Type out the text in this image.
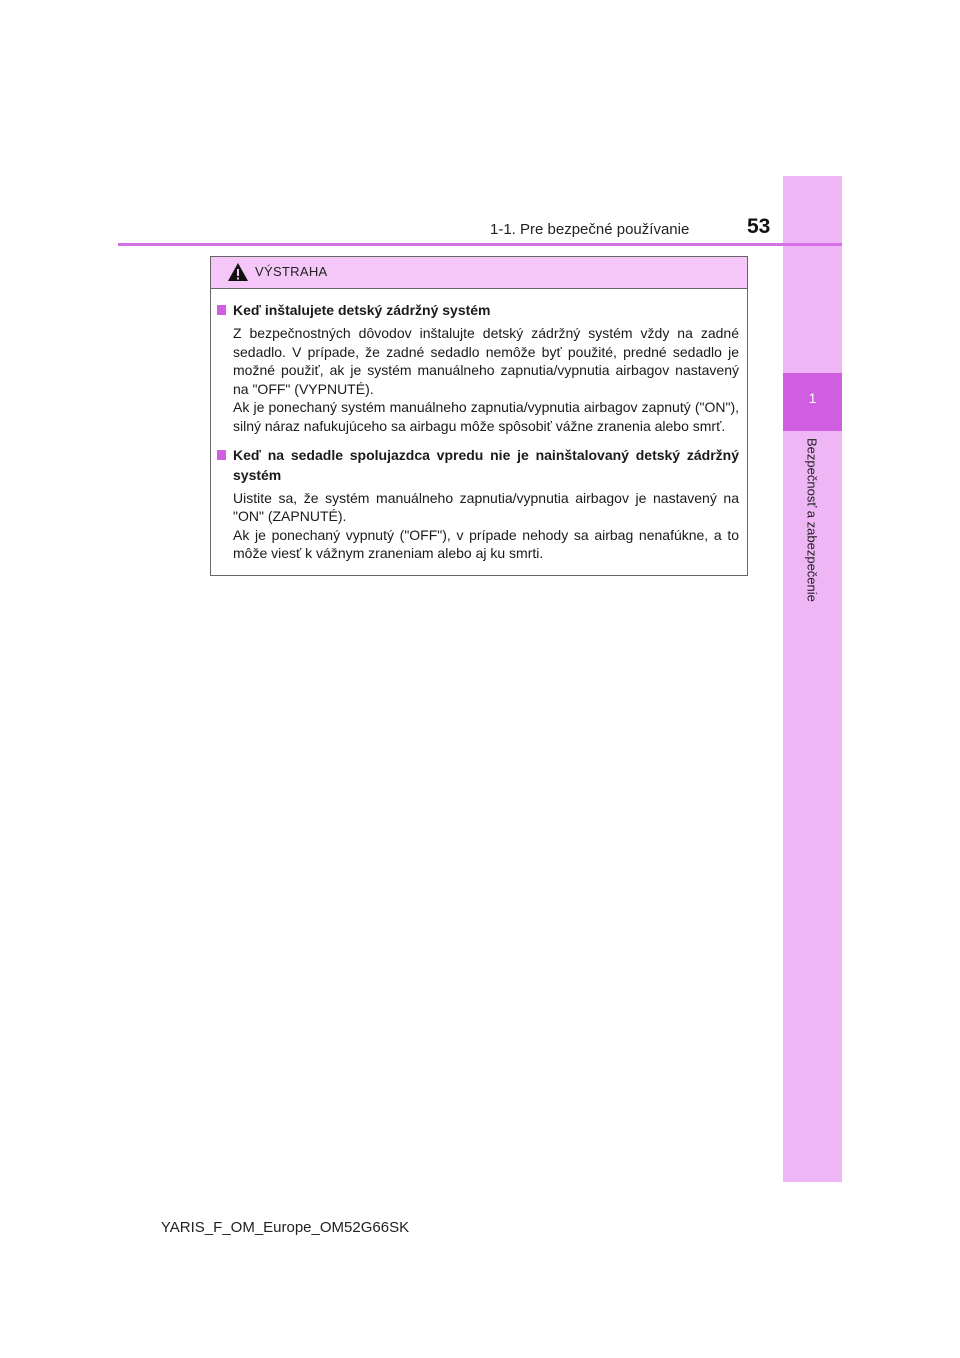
1
Bezpečnosť a zabezpečenie
1-1. Pre bezpečné používanie	53
VÝSTRAHA
Keď inštalujete detský zádržný systém
Z bezpečnostných dôvodov inštalujte detský zádržný systém vždy na zadné sedadlo. V prípade, že zadné sedadlo nemôže byť použité, predné sedadlo je možné použiť, ak je systém manuálneho zapnutia/vypnutia airbagov nastavený na "OFF" (VYPNUTÉ).
Ak je ponechaný systém manuálneho zapnutia/vypnutia airbagov zapnutý ("ON"), silný náraz nafukujúceho sa airbagu môže spôsobiť vážne zranenia alebo smrť.
Keď na sedadle spolujazdca vpredu nie je nainštalovaný detský zádržný systém
Uistite sa, že systém manuálneho zapnutia/vypnutia airbagov je nastavený na "ON" (ZAPNUTÉ).
Ak je ponechaný vypnutý ("OFF"), v prípade nehody sa airbag nenafúkne, a to môže viesť k vážnym zraneniam alebo aj ku smrti.
YARIS_F_OM_Europe_OM52G66SK
